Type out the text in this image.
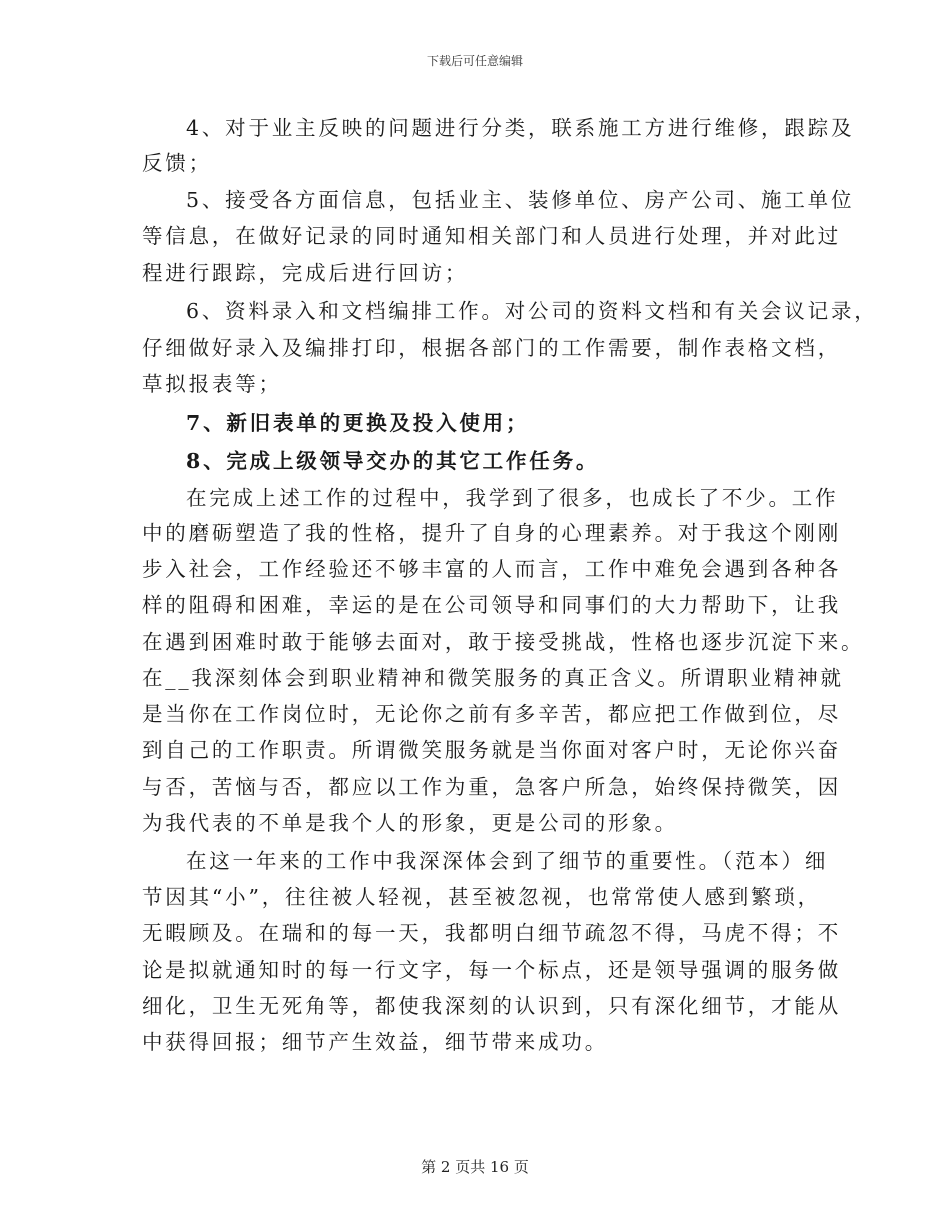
下载后可任意编辑
4、对于业主反映的问题进行分类，联系施工方进行维修，跟踪及
反馈；
5、接受各方面信息，包括业主、装修单位、房产公司、施工单位
等信息，在做好记录的同时通知相关部门和人员进行处理，并对此过
程进行跟踪，完成后进行回访；
6、资料录入和文档编排工作。对公司的资料文档和有关会议记录，
仔细做好录入及编排打印，根据各部门的工作需要，制作表格文档，
草拟报表等；
7、新旧表单的更换及投入使用；
8、完成上级领导交办的其它工作任务。
在完成上述工作的过程中，我学到了很多，也成长了不少。工作
中的磨砺塑造了我的性格，提升了自身的心理素养。对于我这个刚刚
步入社会，工作经验还不够丰富的人而言，工作中难免会遇到各种各
样的阻碍和困难，幸运的是在公司领导和同事们的大力帮助下，让我
在遇到困难时敢于能够去面对，敢于接受挑战，性格也逐步沉淀下来。
在__我深刻体会到职业精神和微笑服务的真正含义。所谓职业精神就
是当你在工作岗位时，无论你之前有多辛苦，都应把工作做到位，尽
到自己的工作职责。所谓微笑服务就是当你面对客户时，无论你兴奋
与否，苦恼与否，都应以工作为重，急客户所急，始终保持微笑，因
为我代表的不单是我个人的形象，更是公司的形象。
在这一年来的工作中我深深体会到了细节的重要性。（范本）细
节因其“小”，往往被人轻视，甚至被忽视，也常常使人感到繁琐，
无暇顾及。在瑞和的每一天，我都明白细节疏忽不得，马虎不得；不
论是拟就通知时的每一行文字，每一个标点，还是领导强调的服务做
细化，卫生无死角等，都使我深刻的认识到，只有深化细节，才能从
中获得回报；细节产生效益，细节带来成功。
第 2 页共 16 页
